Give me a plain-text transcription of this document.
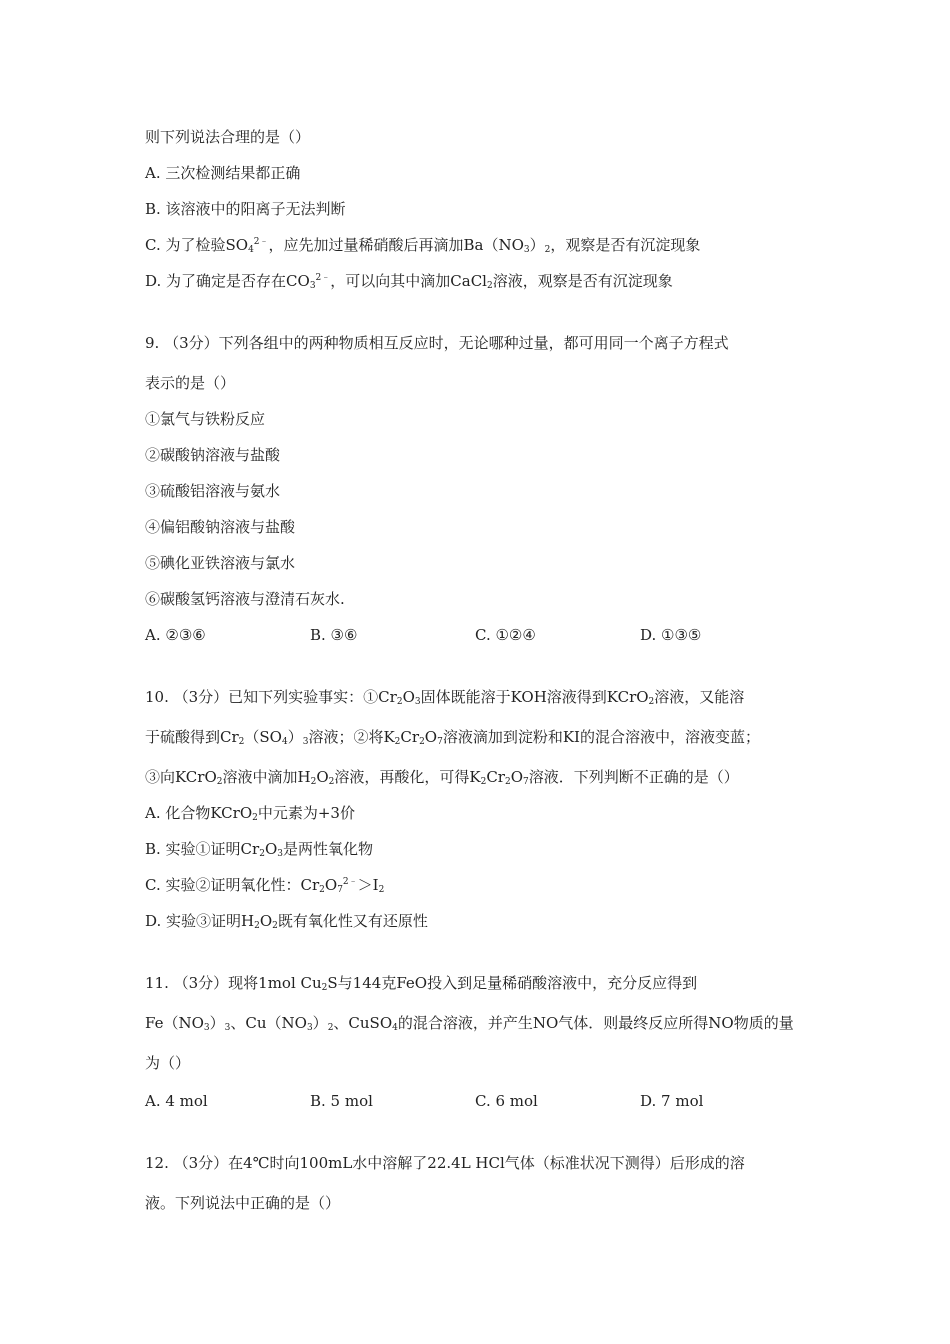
则下列说法合理的是（）
A. 三次检测结果都正确
B. 该溶液中的阳离子无法判断
C. 为了检验$SO_4^{2﹣}$，应先加过量稀硝酸后再滴加$Ba(NO_3)_2$，观察是否有沉淀现象
D. 为了确定是否存在$CO_3^{2﹣}$，可以向其中滴加CaCl$_2$溶液，观察是否有沉淀现象
9. （3分）下列各组中的两种物质相互反应时，无论哪种过量，都可用同一个离子方程式
表示的是（）
①氯气与铁粉反应
②碳酸钠溶液与盐酸
③硫酸铝溶液与氨水
④偏铝酸钠溶液与盐酸
⑤碘化亚铁溶液与氯水
⑥碳酸氢钙溶液与澄清石灰水.
A. ②③⑥	B. ③⑥	C. ①②④	D. ①③⑤
10. （3分）已知下列实验事实：$①Cr_2O_3$固体既能溶于KOH溶液得到KCrO$_2$溶液，又能溶
于硫酸得到$Cr_2(SO_4)_3$溶液；②将$K_2Cr_2O_7$溶液滴加到淀粉和KI的混合溶液中，溶液变蓝；
③向KCrO$_2$溶液中滴加$H_2O_2$溶液，再酸化，可得$K_2Cr_2O_7$溶液．下列判断不正确的是（）
A. 化合物KCrO$_2$中元素为+3价
B. 实验①证明$Cr_2O_3$是两性氧化物
C. 实验②证明氧化性：$Cr_2O_7^{2﹣}>I_2$
D. 实验③证明$H_2O_2$既有氧化性又有还原性
11. （3分）现将1mol $Cu_2S$与144克FeO投入到足量稀硝酸溶液中，充分反应得到
$Fe(NO_3)_3$、$Cu(NO_3)_2$、CuSO$_4$的混合溶液，并产生NO气体．则最终反应所得NO物质的量
为（）
A. 4 mol	B. 5 mol	C. 6 mol	D. 7 mol
12. （3分）在4℃时向100mL水中溶解了22.4L HCl气体（标准状况下测得）后形成的溶
液。下列说法中正确的是（）
